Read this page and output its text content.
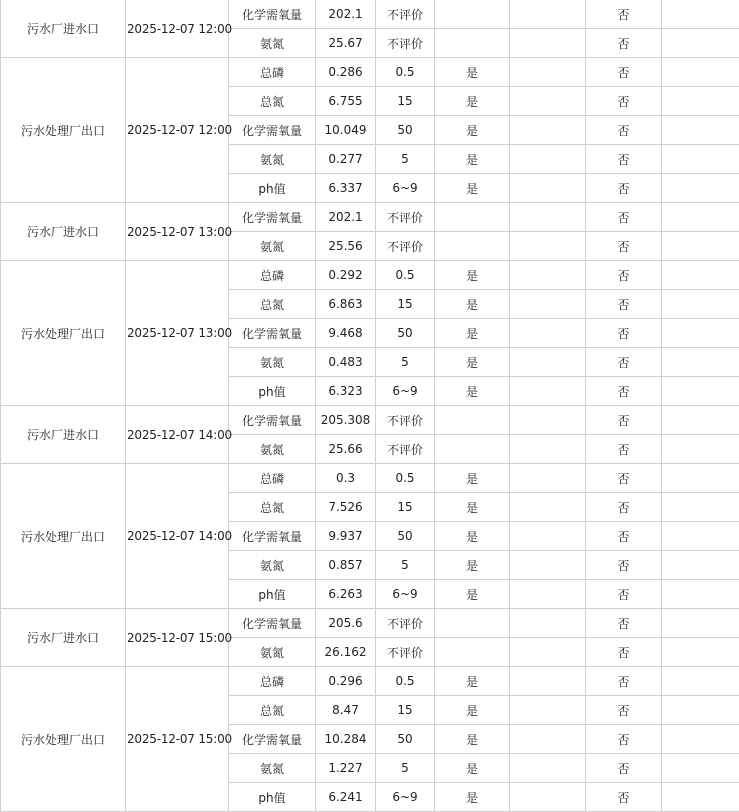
污水厂进水口	2025-12-07 12:00	化学需氧量	202.1	不评价			否	
		氨氮	25.67	不评价			否	
污水处理厂出口	2025-12-07 12:00	总磷	0.286	0.5	是		否	
		总氮	6.755	15	是		否	
		化学需氧量	10.049	50	是		否	
		氨氮	0.277	5	是		否	
		ph值	6.337	6~9	是		否	
污水厂进水口	2025-12-07 13:00	化学需氧量	202.1	不评价			否	
		氨氮	25.56	不评价			否	
污水处理厂出口	2025-12-07 13:00	总磷	0.292	0.5	是		否	
		总氮	6.863	15	是		否	
		化学需氧量	9.468	50	是		否	
		氨氮	0.483	5	是		否	
		ph值	6.323	6~9	是		否	
污水厂进水口	2025-12-07 14:00	化学需氧量	205.308	不评价			否	
		氨氮	25.66	不评价			否	
污水处理厂出口	2025-12-07 14:00	总磷	0.3	0.5	是		否	
		总氮	7.526	15	是		否	
		化学需氧量	9.937	50	是		否	
		氨氮	0.857	5	是		否	
		ph值	6.263	6~9	是		否	
污水厂进水口	2025-12-07 15:00	化学需氧量	205.6	不评价			否	
		氨氮	26.162	不评价			否	
污水处理厂出口	2025-12-07 15:00	总磷	0.296	0.5	是		否	
		总氮	8.47	15	是		否	
		化学需氧量	10.284	50	是		否	
		氨氮	1.227	5	是		否	
		ph值	6.241	6~9	是		否	
